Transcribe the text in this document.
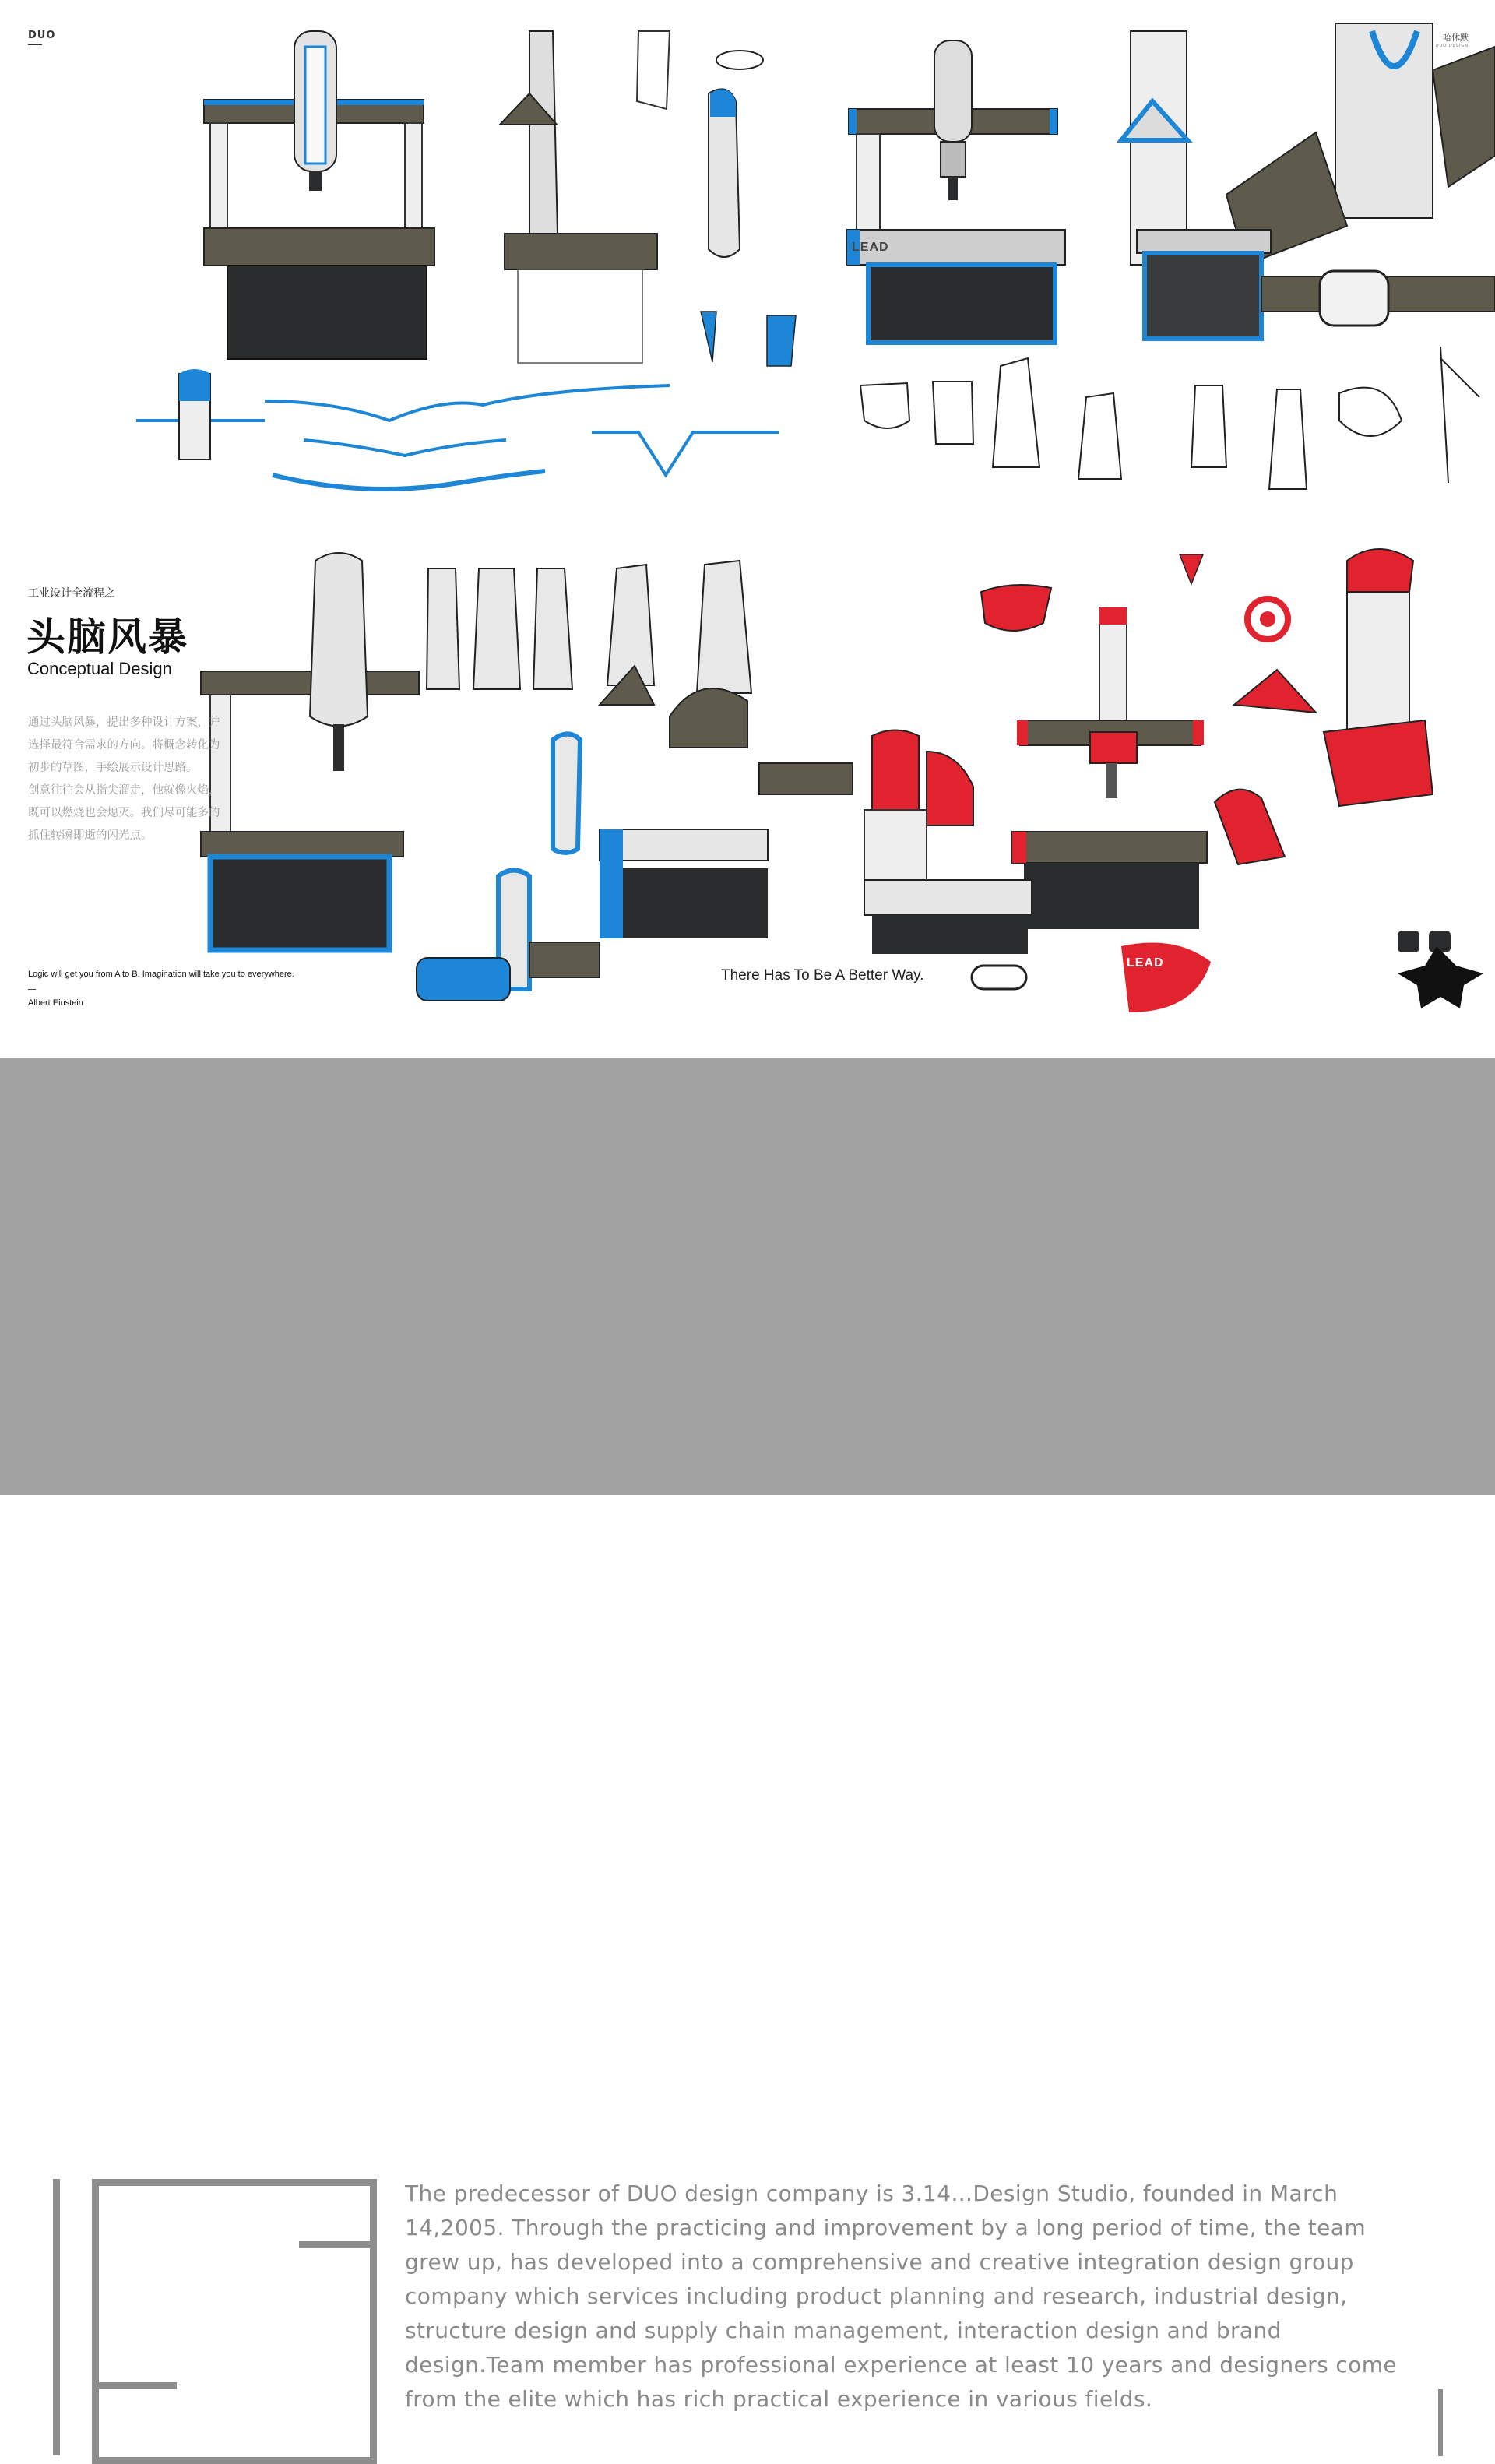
DUO	哈休默
DUO DESIGN
LEAD
LEAD
工业设计全流程之
头脑风暴
Conceptual Design

通过头脑风暴，提出多种设计方案，并选择最符合需求的方向。将概念转化为初步的草图，手绘展示设计思路。

创意往往会从指尖溜走，他就像火焰，既可以燃烧也会熄灭。我们尽可能多的抓住转瞬即逝的闪光点。

Logic will get you from A to B. Imagination will take you to everywhere.
Albert Einstein
There Has To Be A Better Way.
The predecessor of DUO design company is 3.14...Design Studio, founded in March 14,2005. Through the practicing and improvement by a long period of time, the team grew up, has developed into a comprehensive and creative integration design group company which services including product planning and research, industrial design, structure design and supply chain management, interaction design and brand design.Team member has professional experience at least 10 years and designers come from the elite which has rich practical experience in various fields.
